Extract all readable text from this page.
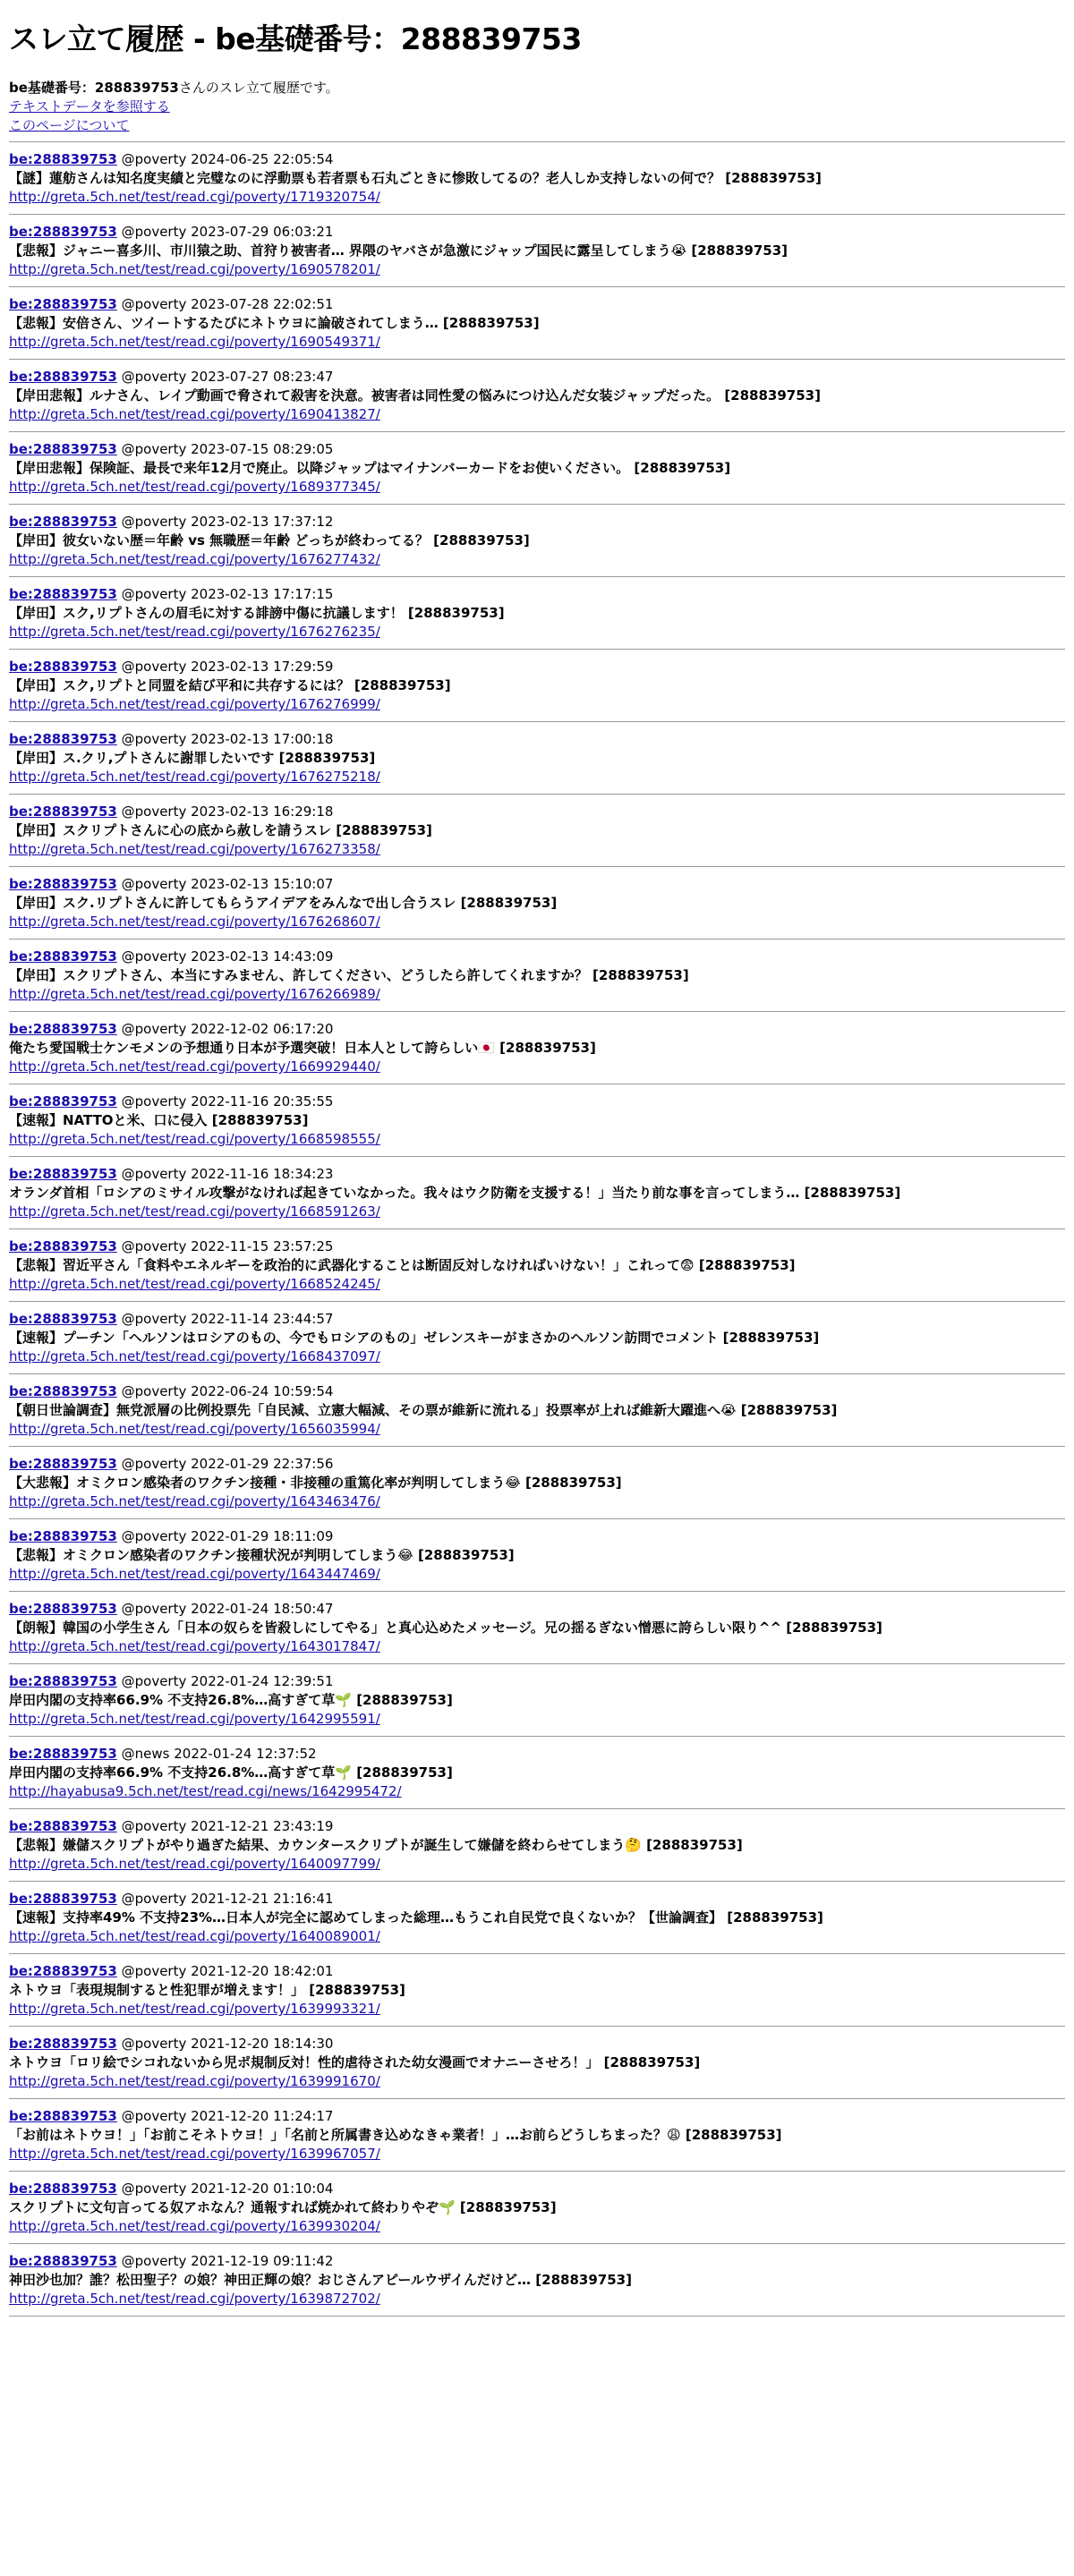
スレ立て履歴 - be基礎番号：288839753
be基礎番号：288839753さんのスレ立て履歴です。
テキストデータを参照する
このページについて
be:288839753 @poverty 2024-06-25 22:05:54
【謎】蓮舫さんは知名度実績と完璧なのに浮動票も若者票も石丸ごときに惨敗してるの？老人しか支持しないの何で？ [288839753]
http://greta.5ch.net/test/read.cgi/poverty/1719320754/
be:288839753 @poverty 2023-07-29 06:03:21
【悲報】ジャニー喜多川、市川猿之助、首狩り被害者… 界隈のヤバさが急激にジャップ国民に露呈してしまう😭 [288839753]
http://greta.5ch.net/test/read.cgi/poverty/1690578201/
be:288839753 @poverty 2023-07-28 22:02:51
【悲報】安倍さん、ツイートするたびにネトウヨに論破されてしまう… [288839753]
http://greta.5ch.net/test/read.cgi/poverty/1690549371/
be:288839753 @poverty 2023-07-27 08:23:47
【岸田悲報】ルナさん、レイプ動画で脅されて殺害を決意。被害者は同性愛の悩みにつけ込んだ女装ジャップだった。 [288839753]
http://greta.5ch.net/test/read.cgi/poverty/1690413827/
be:288839753 @poverty 2023-07-15 08:29:05
【岸田悲報】保険証、最長で来年12月で廃止。以降ジャップはマイナンバーカードをお使いください。 [288839753]
http://greta.5ch.net/test/read.cgi/poverty/1689377345/
be:288839753 @poverty 2023-02-13 17:37:12
【岸田】彼女いない歴＝年齢 vs 無職歴＝年齢 どっちが終わってる？ [288839753]
http://greta.5ch.net/test/read.cgi/poverty/1676277432/
be:288839753 @poverty 2023-02-13 17:17:15
【岸田】スク,リプトさんの眉毛に対する誹謗中傷に抗議します！ [288839753]
http://greta.5ch.net/test/read.cgi/poverty/1676276235/
be:288839753 @poverty 2023-02-13 17:29:59
【岸田】スク,リプトと同盟を結び平和に共存するには？ [288839753]
http://greta.5ch.net/test/read.cgi/poverty/1676276999/
be:288839753 @poverty 2023-02-13 17:00:18
【岸田】ス.クリ,プトさんに謝罪したいです [288839753]
http://greta.5ch.net/test/read.cgi/poverty/1676275218/
be:288839753 @poverty 2023-02-13 16:29:18
【岸田】スクリプトさんに心の底から赦しを請うスレ [288839753]
http://greta.5ch.net/test/read.cgi/poverty/1676273358/
be:288839753 @poverty 2023-02-13 15:10:07
【岸田】スク.リプトさんに許してもらうアイデアをみんなで出し合うスレ [288839753]
http://greta.5ch.net/test/read.cgi/poverty/1676268607/
be:288839753 @poverty 2023-02-13 14:43:09
【岸田】スクリプトさん、本当にすみません、許してください、どうしたら許してくれますか？ [288839753]
http://greta.5ch.net/test/read.cgi/poverty/1676266989/
be:288839753 @poverty 2022-12-02 06:17:20
俺たち愛国戦士ケンモメンの予想通り日本が予選突破！日本人として誇らしい🇯🇵 [288839753]
http://greta.5ch.net/test/read.cgi/poverty/1669929440/
be:288839753 @poverty 2022-11-16 20:35:55
【速報】NATTOと米、口に侵入 [288839753]
http://greta.5ch.net/test/read.cgi/poverty/1668598555/
be:288839753 @poverty 2022-11-16 18:34:23
オランダ首相「ロシアのミサイル攻撃がなければ起きていなかった。我々はウク防衛を支援する！」当たり前な事を言ってしまう… [288839753]
http://greta.5ch.net/test/read.cgi/poverty/1668591263/
be:288839753 @poverty 2022-11-15 23:57:25
【悲報】習近平さん「食料やエネルギーを政治的に武器化することは断固反対しなければいけない！」これって😨 [288839753]
http://greta.5ch.net/test/read.cgi/poverty/1668524245/
be:288839753 @poverty 2022-11-14 23:44:57
【速報】プーチン「ヘルソンはロシアのもの、今でもロシアのもの」ゼレンスキーがまさかのヘルソン訪問でコメント [288839753]
http://greta.5ch.net/test/read.cgi/poverty/1668437097/
be:288839753 @poverty 2022-06-24 10:59:54
【朝日世論調査】無党派層の比例投票先「自民減、立憲大幅減、その票が維新に流れる」投票率が上れば維新大躍進へ😭 [288839753]
http://greta.5ch.net/test/read.cgi/poverty/1656035994/
be:288839753 @poverty 2022-01-29 22:37:56
【大悲報】オミクロン感染者のワクチン接種・非接種の重篤化率が判明してしまう😂 [288839753]
http://greta.5ch.net/test/read.cgi/poverty/1643463476/
be:288839753 @poverty 2022-01-29 18:11:09
【悲報】オミクロン感染者のワクチン接種状況が判明してしまう😂 [288839753]
http://greta.5ch.net/test/read.cgi/poverty/1643447469/
be:288839753 @poverty 2022-01-24 18:50:47
【朗報】韓国の小学生さん「日本の奴らを皆殺しにしてやる」と真心込めたメッセージ。兄の揺るぎない憎悪に誇らしい限り^^ [288839753]
http://greta.5ch.net/test/read.cgi/poverty/1643017847/
be:288839753 @poverty 2022-01-24 12:39:51
岸田内閣の支持率66.9% 不支持26.8%…高すぎて草🌱 [288839753]
http://greta.5ch.net/test/read.cgi/poverty/1642995591/
be:288839753 @news 2022-01-24 12:37:52
岸田内閣の支持率66.9% 不支持26.8%…高すぎて草🌱 [288839753]
http://hayabusa9.5ch.net/test/read.cgi/news/1642995472/
be:288839753 @poverty 2021-12-21 23:43:19
【悲報】嫌儲スクリプトがやり過ぎた結果、カウンタースクリプトが誕生して嫌儲を終わらせてしまう🤔 [288839753]
http://greta.5ch.net/test/read.cgi/poverty/1640097799/
be:288839753 @poverty 2021-12-21 21:16:41
【速報】支持率49% 不支持23%…日本人が完全に認めてしまった総理…もうこれ自民党で良くないか？【世論調査】 [288839753]
http://greta.5ch.net/test/read.cgi/poverty/1640089001/
be:288839753 @poverty 2021-12-20 18:42:01
ネトウヨ「表現規制すると性犯罪が増えます！」 [288839753]
http://greta.5ch.net/test/read.cgi/poverty/1639993321/
be:288839753 @poverty 2021-12-20 18:14:30
ネトウヨ「ロリ絵でシコれないから児ポ規制反対！性的虐待された幼女漫画でオナニーさせろ！」 [288839753]
http://greta.5ch.net/test/read.cgi/poverty/1639991670/
be:288839753 @poverty 2021-12-20 11:24:17
「お前はネトウヨ！」「お前こそネトウヨ！」「名前と所属書き込めなきゃ業者！」…お前らどうしちまった？😩 [288839753]
http://greta.5ch.net/test/read.cgi/poverty/1639967057/
be:288839753 @poverty 2021-12-20 01:10:04
スクリプトに文句言ってる奴アホなん？通報すれば焼かれて終わりやぞ🌱 [288839753]
http://greta.5ch.net/test/read.cgi/poverty/1639930204/
be:288839753 @poverty 2021-12-19 09:11:42
神田沙也加？誰？松田聖子？の娘？神田正輝の娘？おじさんアピールウザイんだけど… [288839753]
http://greta.5ch.net/test/read.cgi/poverty/1639872702/
